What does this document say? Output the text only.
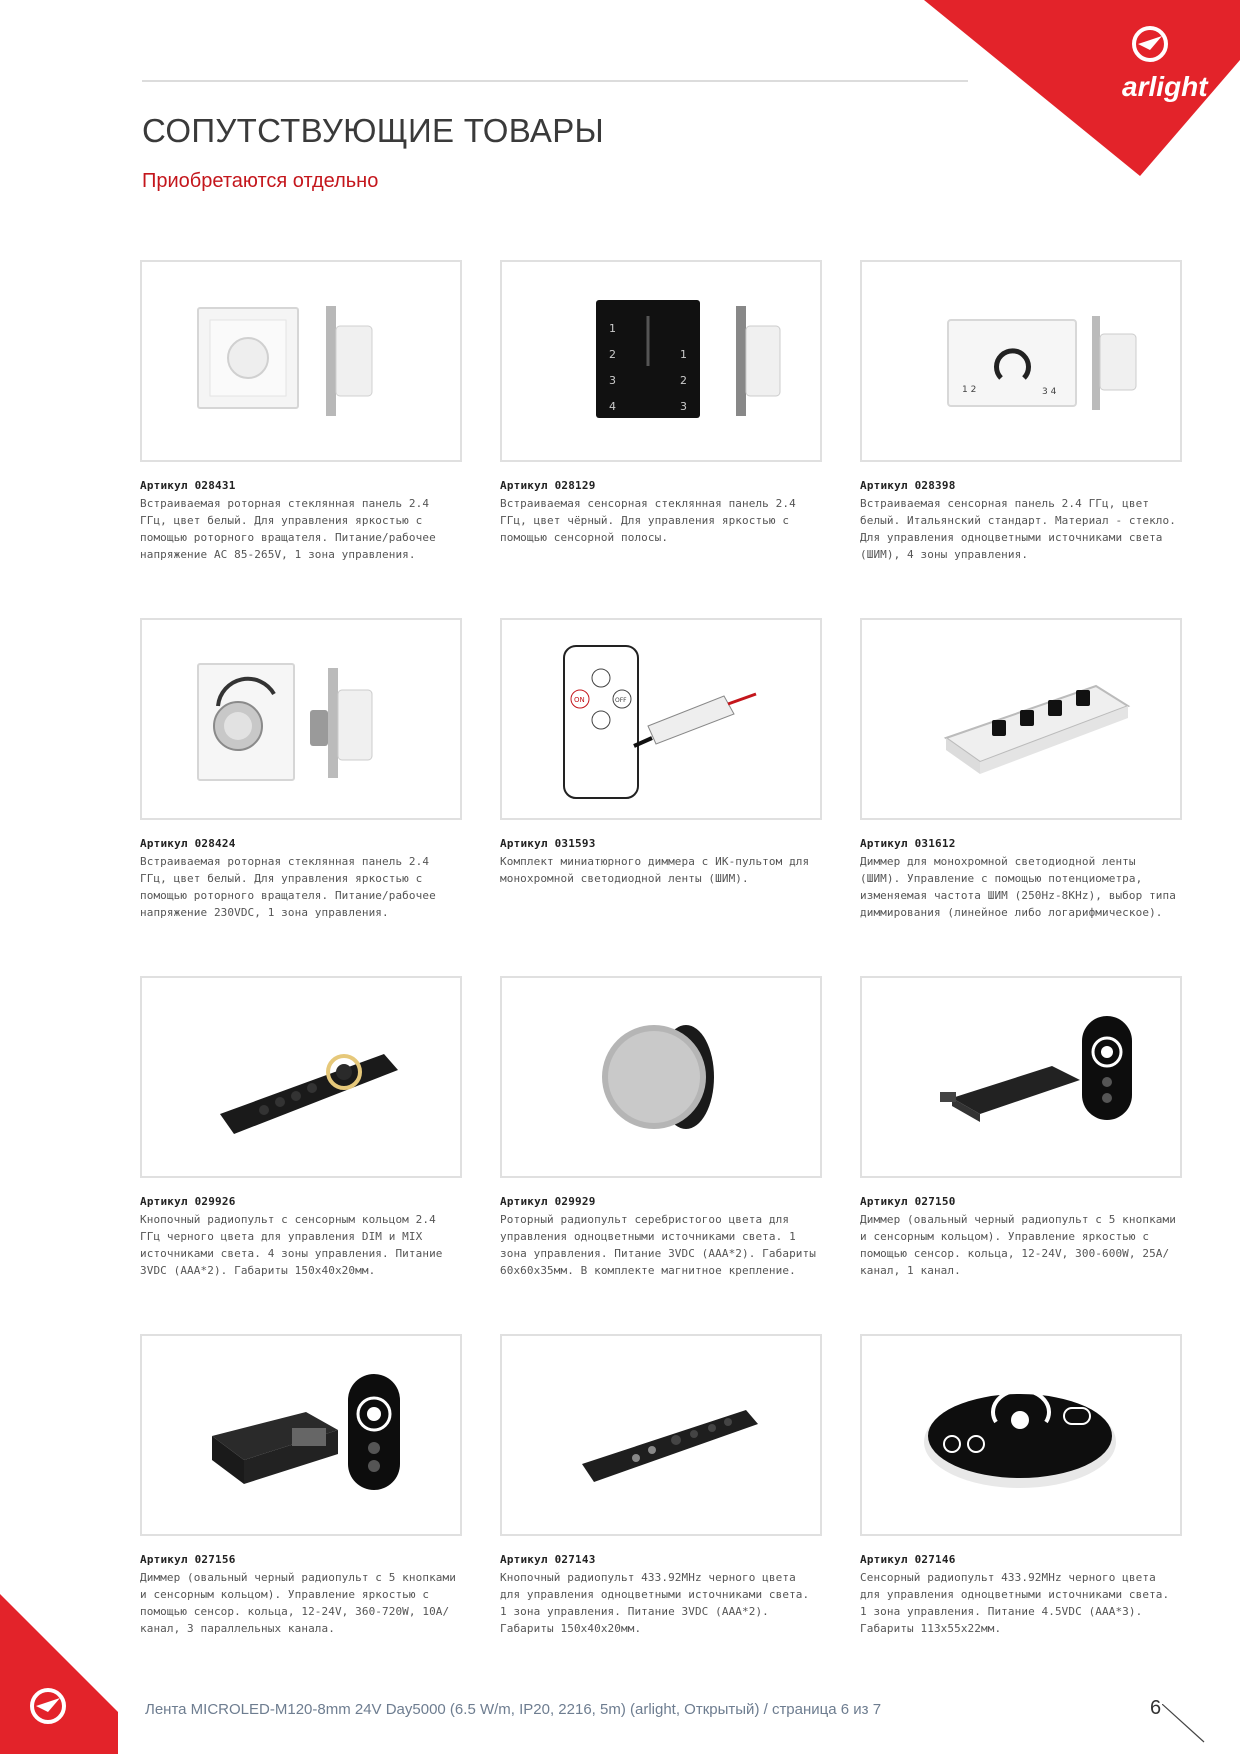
arlight
СОПУТСТВУЮЩИЕ ТОВАРЫ

Приобретаются отдельно

Артикул 028431
Встраиваемая роторная стеклянная панель 2.4 ГГц, цвет белый. Для управления яркостью с помощью роторного вращателя. Питание/рабочее напряжение AC 85-265V, 1 зона управления.
1
2
3
4
1
2
3
Артикул 028129
Встраиваемая сенсорная стеклянная панель 2.4 ГГц, цвет чёрный. Для управления яркостью с помощью сенсорной полосы.
1 2	3 4
Артикул 028398
Встраиваемая сенсорная панель 2.4 ГГц, цвет белый. Итальянский стандарт. Материал - стекло. Для управления одноцветными источниками света (ШИМ), 4 зоны управления.
Артикул 028424
Встраиваемая роторная стеклянная панель 2.4 ГГц, цвет белый. Для управления яркостью с помощью роторного вращателя. Питание/рабочее напряжение 230VDC, 1 зона управления.
ON	OFF
Артикул 031593
Комплект миниатюрного диммера с ИК-пультом для монохромной светодиодной ленты (ШИМ).
Артикул 031612
Диммер для монохромной светодиодной ленты (ШИМ). Управление с помощью потенциометра, изменяемая частота ШИМ (250Hz-8KHz), выбор типа диммирования (линейное либо логарифмическое).
Артикул 029926
Кнопочный радиопульт с сенсорным кольцом 2.4 ГГц черного цвета для управления DIM и MIX источниками света. 4 зоны управления. Питание 3VDC (AAA*2). Габариты 150x40x20мм.
Артикул 029929
Роторный радиопульт серебристогоо цвета для управления одноцветными источниками света. 1 зона управления. Питание 3VDC (AAA*2). Габариты 60x60x35мм. В комплекте магнитное крепление.
Артикул 027150
Диммер (овальный черный радиопульт с 5 кнопками и сенсорным кольцом). Управление яркостью с помощью сенсор. кольца, 12-24V, 300-600W, 25A/канал, 1 канал.
Артикул 027156
Диммер (овальный черный радиопульт с 5 кнопками и сенсорным кольцом). Управление яркостью с помощью сенсор. кольца, 12-24V, 360-720W, 10A/канал, 3 параллельных канала.
Артикул 027143
Кнопочный радиопульт 433.92MHz черного цвета для управления одноцветными источниками света. 1 зона управления. Питание 3VDC (AAA*2). Габариты 150x40x20мм.
Артикул 027146
Сенсорный радиопульт 433.92MHz черного цвета для управления одноцветными источниками света. 1 зона управления. Питание 4.5VDC (AAA*3). Габариты 113x55x22мм.
Лента MICROLED-M120-8mm 24V Day5000 (6.5 W/m, IP20, 2216, 5m) (arlight, Открытый) / страница 6 из 7	6
